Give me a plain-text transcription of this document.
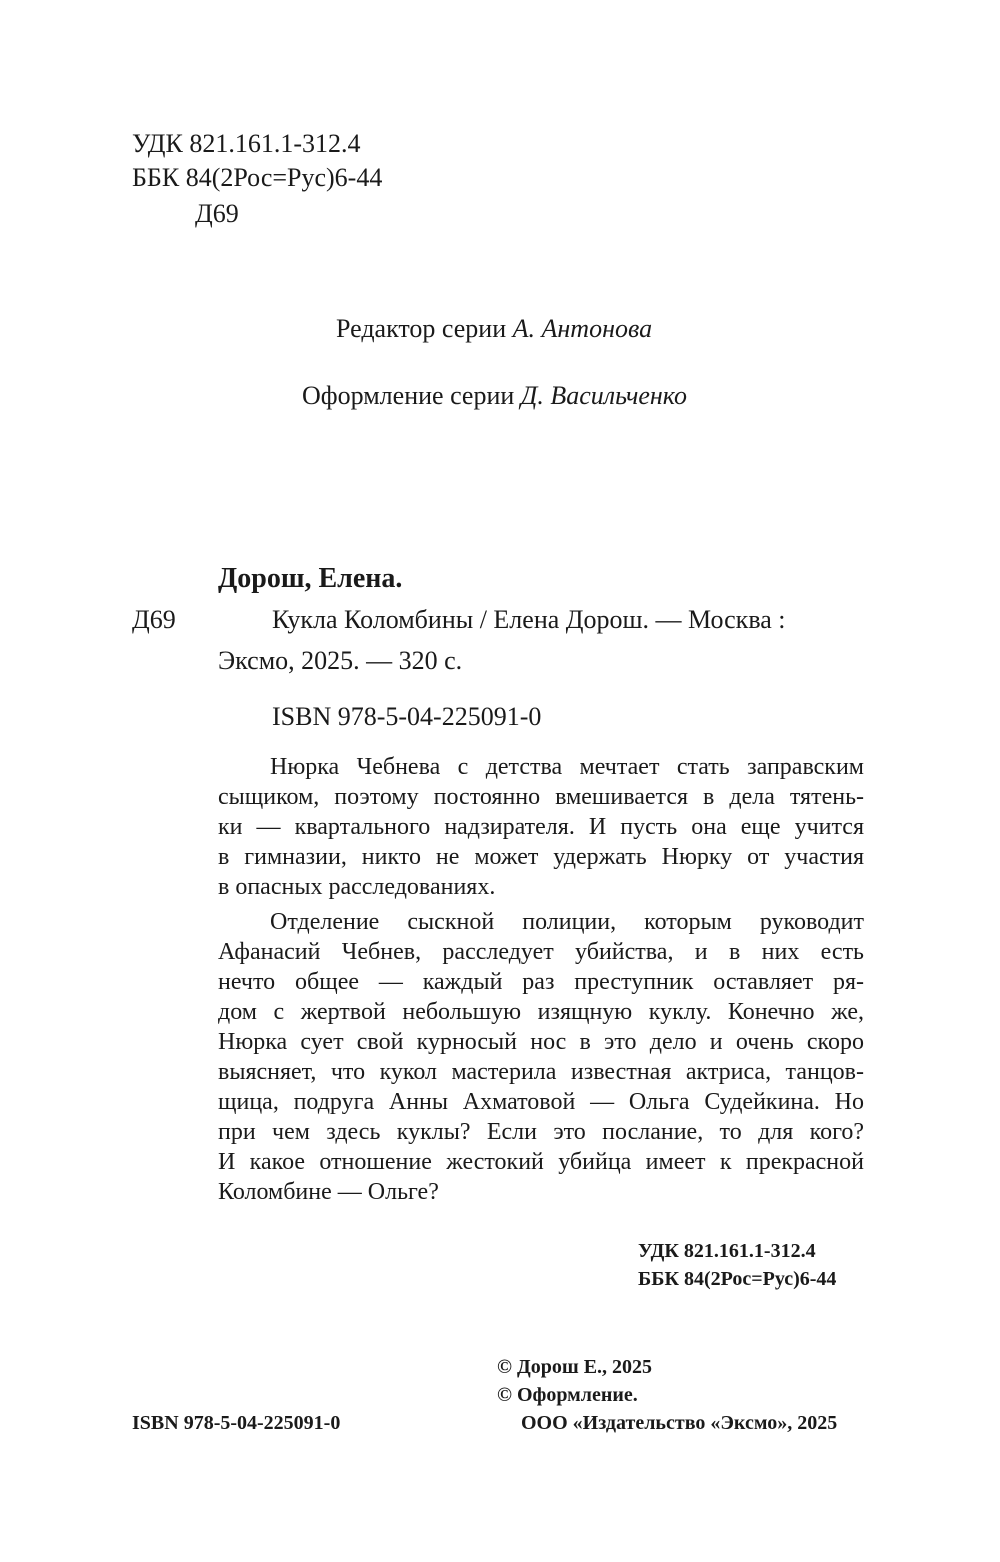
УДК 821.161.1-312.4
ББК 84(2Рос=Рус)6-44
Д69
Редактор серии А. Антонова
Оформление серии Д. Васильченко
Дорош, Елена.
Д69	Кукла Коломбины / Елена Дорош. — Москва :
Эксмо, 2025. — 320 с.
ISBN 978-5-04-225091-0
Нюрка Чебнева с детства мечтает стать заправским
сыщиком, поэтому постоянно вмешивается в дела тятень-
ки — квартального надзирателя. И пусть она еще учится
в гимназии, никто не может удержать Нюрку от участия
в опасных расследованиях.
Отделение сыскной полиции, которым руководит
Афанасий Чебнев, расследует убийства, и в них есть
нечто общее — каждый раз преступник оставляет ря-
дом с жертвой небольшую изящную куклу. Конечно же,
Нюрка сует свой курносый нос в это дело и очень скоро
выясняет, что кукол мастерила известная актриса, танцов-
щица, подруга Анны Ахматовой — Ольга Судейкина. Но
при чем здесь куклы? Если это послание, то для кого?
И какое отношение жестокий убийца имеет к прекрасной
Коломбине — Ольге?
УДК 821.161.1-312.4
ББК 84(2Рос=Рус)6-44
© Дорош Е., 2025
© Оформление.
ООО «Издательство «Эксмо», 2025
ISBN 978-5-04-225091-0
